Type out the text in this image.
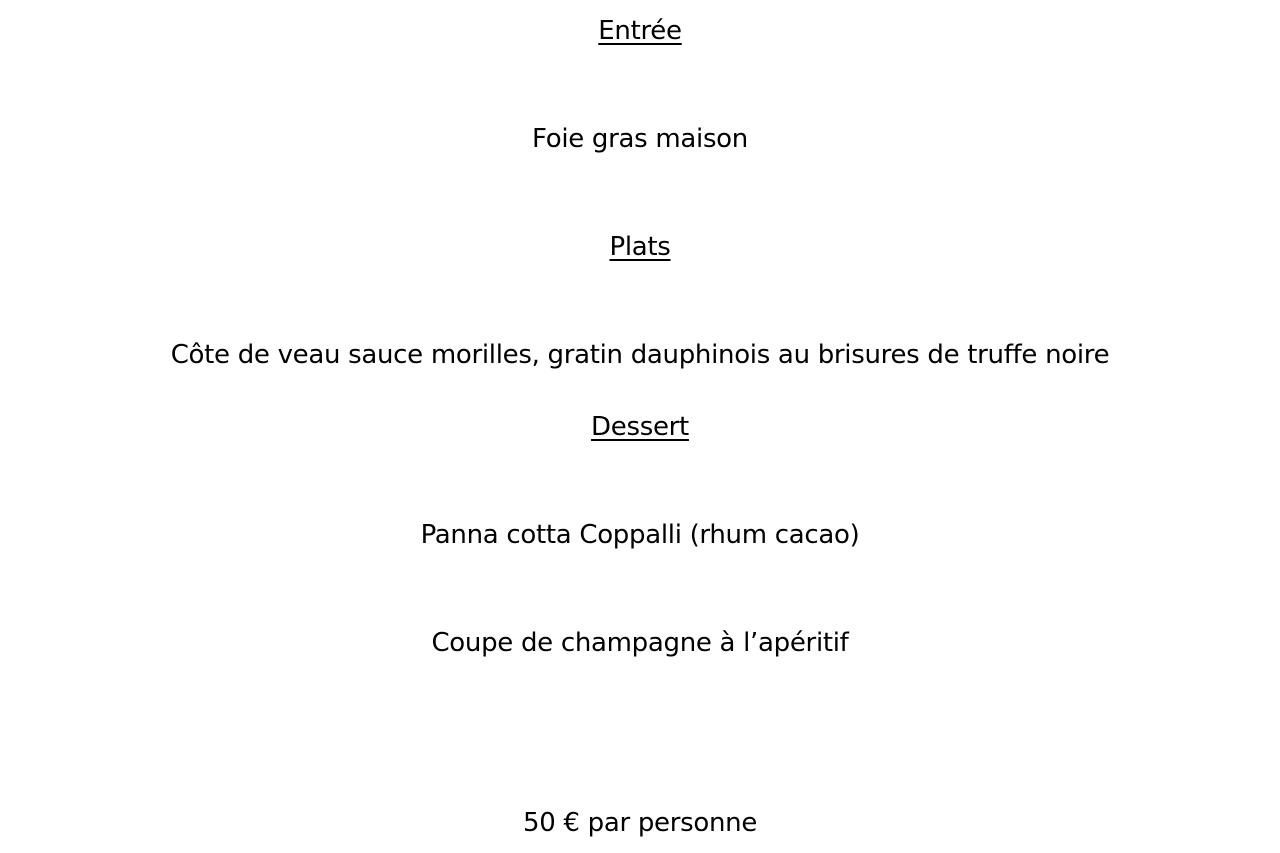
Entrée
Foie gras maison
Plats
Côte de veau sauce morilles, gratin dauphinois au brisures de truffe noire
Dessert
Panna cotta Coppalli (rhum cacao)
Coupe de champagne à l’apéritif
50 € par personne
